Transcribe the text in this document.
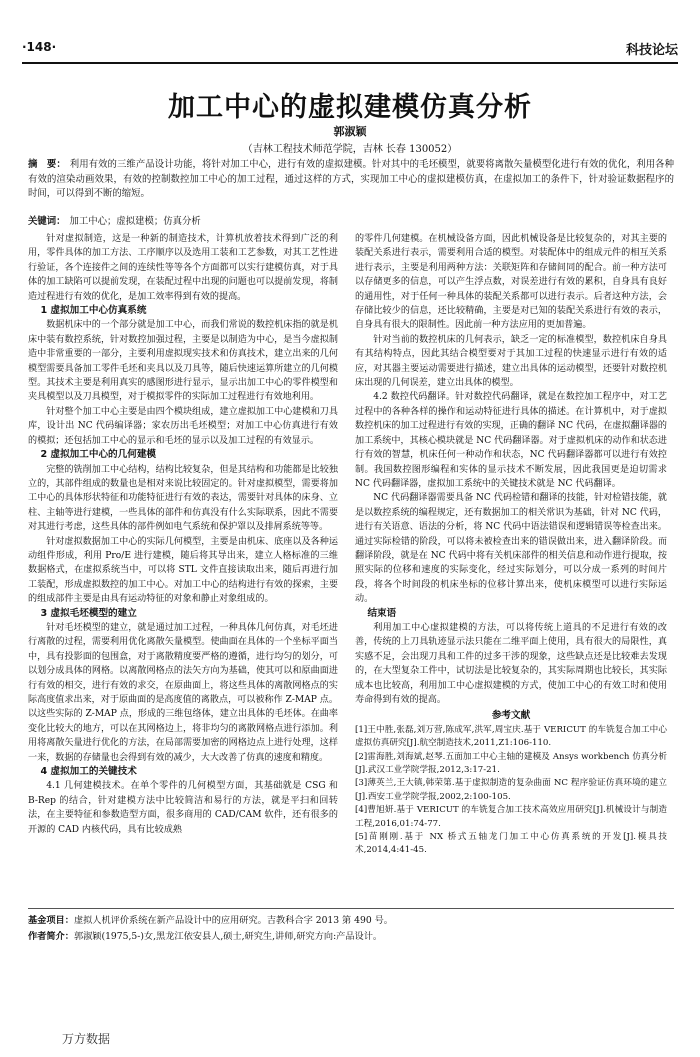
·148·	科技论坛
加工中心的虚拟建模仿真分析
郭淑颖
（吉林工程技术师范学院，吉林 长春 130052）
摘　要： 利用有效的三维产品设计功能，将针对加工中心，进行有效的虚拟建模。针对其中的毛坯模型，就要将离散矢量模型化进行有效的优化，利用各种有效的渲染动画效果，有效的控制数控加工中心的加工过程，通过这样的方式，实现加工中心的虚拟建模仿真，在虚拟加工的条件下，针对验证数据程序的时间，可以得到不断的缩短。
关键词： 加工中心；虚拟建模；仿真分析

针对虚拟制造，这是一种新的制造技术，计算机放着技术得到广泛的利用，零件具体的加工方法、工序顺序以及选用工装和工艺参数，对其工艺性进行验证，各个连接件之间的连续性等等各个方面都可以实行建模仿真，对于具体的加工缺陷可以提前发现，在装配过程中出现的问题也可以提前发现，将制造过程进行有效的优化，是加工效率得到有效的提高。

1 虚拟加工中心仿真系统

数据机床中的一个部分就是加工中心，而我们常说的数控机床指的就是机床中装有数控系统，针对数控加强过程，主要是以制造为中心，是当今虚拟制造中非常重要的一部分，主要利用虚拟现实技术和仿真技术，建立出来的几何模型需要具备加工零件毛坯和夹具以及刀具等，随后快速运算所建立的几何模型。其技术主要是利用真实的感图形进行显示，显示出加工中心的零件模型和夹具模型以及刀具模型，对于模拟零件的实际加工过程进行有效地利用。

针对整个加工中心主要是由四个模块组成，建立虚拟加工中心建模和刀具库，设计出 NC 代码编译器；家农历出毛坯模型；对加工中心仿真进行有效的模拟；还包括加工中心的显示和毛坯的显示以及加工过程的有效显示。

2 虚拟加工中心的几何建模

完整的铣削加工中心结构，结构比较复杂，但是其结构和功能都是比较独立的，其部件组成的数量也是相对来说比较固定的。针对虚拟模型，需要将加工中心的具体形状特征和功能特征进行有效的表达，需要针对具体的床身、立柱、主轴等进行建模，一些具体的部件和仿真没有什么实际联系，因此不需要对其进行考虑，这些具体的部件例如电气系统和保护罩以及排屑系统等等。

针对虚拟数据加工中心的实际几何模型，主要是由机床、底座以及各种运动组件形成，利用 Pro/E 进行建模，随后将其导出来，建立人格标准的三维数据格式，在虚拟系统当中，可以将 STL 文件直接读取出来，随后再进行加工装配，形成虚拟数控的加工中心。对加工中心的结构进行有效的探索，主要的组成部件主要是由具有运动特征的对象和静止对象组成的。

3 虚拟毛坯模型的建立

针对毛坯模型的建立，就是通过加工过程，一种具体几何仿真，对毛坯进行离散的过程，需要利用优化离散矢量模型。使曲面在具体的一个坐标平面当中，具有投影面的包围盒，对于离散精度要严格的遵循，进行均匀的划分，可以划分成具体的网格。以离散网格点的法矢方向为基础，使其可以和原曲面进行有效的相交，进行有效的求交，在原曲面上，将这些具体的离散网格点的实际高度值求出来，对于原曲面的是高度值的离散点，可以被称作 Z-MAP 点。以这些实际的 Z-MAP 点，形成的三维包络体，建立出具体的毛坯体。在曲率变化比较大的地方，可以在其网格边上，将非均匀的离散网格点进行添加。利用将离散矢量进行优化的方法，在局部需要加密的网格边点上进行处理，这样一来，数据的存储量也会得到有效的减少，大大改善了仿真的速度和精度。

4 虚拟加工的关键技术

4.1 几何建模技术。在单个零件的几何模型方面，其基础就是 CSG 和 B-Rep 的结合，针对建模方法中比较简洁和易行的方法，就是平扫和回转法，在主要特征和参数造型方面，很多商用的 CAD/CAM 软件，还有很多的开源的 CAD 内核代码，具有比较成熟

的零件几何建模。在机械设备方面，因此机械设备是比较复杂的，对其主要的装配关系进行表示，需要利用合适的模型。对装配体中的组成元件的相互关系进行表示，主要是利用两种方法：关联矩阵和存储间同的配合。前一种方法可以存储更多的信息，可以产生浮点数，对误差进行有效的累积，自身具有良好的通用性，对于任何一种具体的装配关系都可以进行表示。后者这种方法，会存储比较少的信息，还比较精确，主要是对已知的装配关系进行有效的表示，自身具有很大的限制性。因此前一种方法应用的更加普遍。

针对当前的数控机床的几何表示，缺乏一定的标准模型，数控机床自身具有其结构特点，因此其结合模型要对于其加工过程的快速显示进行有效的适应，对其器主要运动需要进行描述，建立出具体的运动模型，还要针对数控机床出现的几何误差，建立出具体的模型。

4.2 数控代码翻译。针对数控代码翻译，就是在数控加工程序中，对工艺过程中的各种各样的操作和运动特征进行具体的描述。在计算机中，对于虚拟数控机床的加工过程进行有效的实现，正确的翻译 NC 代码，在虚拟翻译器的加工系统中，其核心模块就是 NC 代码翻译器。对于虚拟机床的动作和状态进行有效的智慧，机床任何一种动作和状态，NC 代码翻译器都可以进行有效控制。我国数控图形编程和实体的显示技术不断发展，因此我国更是迫切需求 NC 代码翻译器，虚拟加工系统中的关键技术就是 NC 代码翻译。

NC 代码翻译器需要具备 NC 代码检错和翻译的技能，针对检错技能，就是以数控系统的编程规定，还有数据加工的相关常识为基础，针对 NC 代码，进行有关语意、语法的分析，将 NC 代码中语法错误和逻辑错误等检查出来。通过实际检错的阶段，可以将未被检查出来的错误做出来，进入翻译阶段。而翻译阶段，就是在 NC 代码中将有关机床部件的相关信息和动作进行提取，按照实际的位移和速度的实际变化，经过实际划分，可以分成一系列的时间片段，将各个时间段的机床坐标的位移计算出来，使机床模型可以进行实际运动。

结束语

利用加工中心虚拟建模的方法，可以将传统上道具的不足进行有效的改善，传统的上刀具轨迹显示法只能在二维平面上使用，具有很大的局限性，真实感不足，会出现刀具和工件的过多干涉的现象，这些缺点还是比较难去发现的，在大型复杂工件中，试切法是比较复杂的，其实际周期也比较长，其实际成本也比较高，利用加工中心虚拟建模的方式，使加工中心的有效工时和使用寿命得到有效的提高。

参考文献
[1]王中胜,张磊,刘万营,陈成军,洪军,周宝庆.基于 VERICUT 的车铣复合加工中心虚拟仿真研究[J].航空制造技术,2011,Z1:106-110.
[2]雷海胜,刘海斌,赵琴.五面加工中心主轴的建模及 Ansys workbench 仿真分析[J].武汉工业学院学报,2012,3:17-21.
[3]薄英兰,王大镇,韩荣第.基于虚拟制造的复杂曲面 NC 程序验证仿真环境的建立[J].西安工业学院学报,2002,2:100-105.
[4]曹旭妍.基于 VERICUT 的车铣复合加工技术高效应用研究[J].机械设计与制造工程,2016,01:74-77.
[5]苗刚刚.基于 NX 桥式五轴龙门加工中心仿真系统的开发[J].模具技术,2014,4:41-45.
基金项目：虚拟人机评价系统在新产品设计中的应用研究。吉教科合字 2013 第 490 号。
作者简介：郭淑颖(1975,5-)女,黑龙江依安县人,硕士,研究生,讲师,研究方向:产品设计。
万方数据
